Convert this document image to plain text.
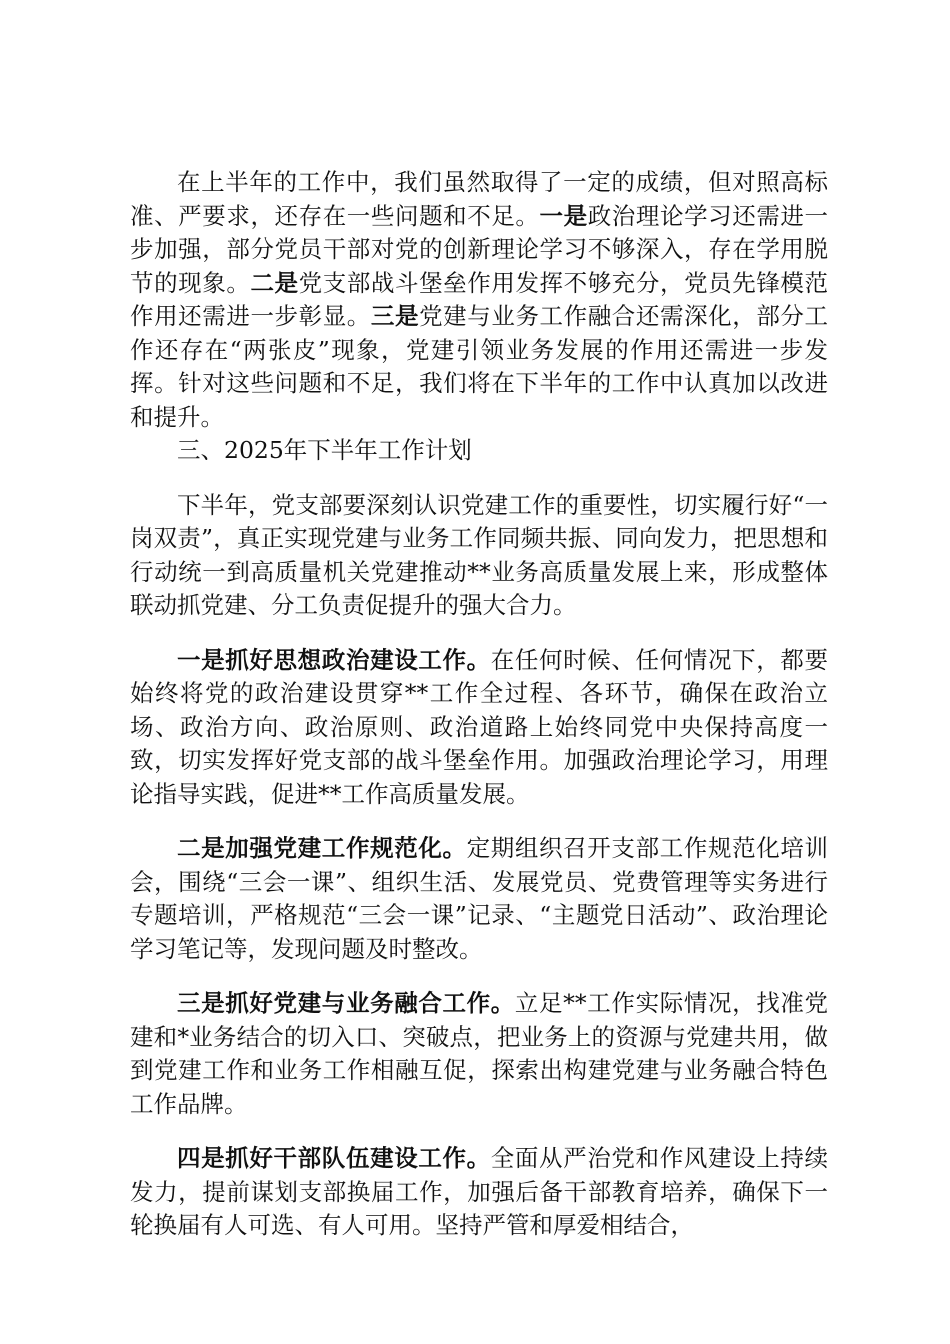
在上半年的工作中，我们虽然取得了一定的成绩，但对照高标准、严要求，还存在一些问题和不足。一是政治理论学习还需进一步加强，部分党员干部对党的创新理论学习不够深入，存在学用脱节的现象。二是党支部战斗堡垒作用发挥不够充分，党员先锋模范作用还需进一步彰显。三是党建与业务工作融合还需深化，部分工作还存在“两张皮”现象，党建引领业务发展的作用还需进一步发挥。针对这些问题和不足，我们将在下半年的工作中认真加以改进和提升。

三、2025年下半年工作计划

下半年，党支部要深刻认识党建工作的重要性，切实履行好“一岗双责”，真正实现党建与业务工作同频共振、同向发力，把思想和行动统一到高质量机关党建推动**业务高质量发展上来，形成整体联动抓党建、分工负责促提升的强大合力。

一是抓好思想政治建设工作。在任何时候、任何情况下，都要始终将党的政治建设贯穿**工作全过程、各环节，确保在政治立场、政治方向、政治原则、政治道路上始终同党中央保持高度一致，切实发挥好党支部的战斗堡垒作用。加强政治理论学习，用理论指导实践，促进**工作高质量发展。

二是加强党建工作规范化。定期组织召开支部工作规范化培训会，围绕“三会一课”、组织生活、发展党员、党费管理等实务进行专题培训，严格规范“三会一课”记录、“主题党日活动”、政治理论学习笔记等，发现问题及时整改。

三是抓好党建与业务融合工作。立足**工作实际情况，找准党建和*业务结合的切入口、突破点，把业务上的资源与党建共用，做到党建工作和业务工作相融互促，探索出构建党建与业务融合特色工作品牌。

四是抓好干部队伍建设工作。全面从严治党和作风建设上持续发力，提前谋划支部换届工作，加强后备干部教育培养，确保下一轮换届有人可选、有人可用。坚持严管和厚爱相结合，
